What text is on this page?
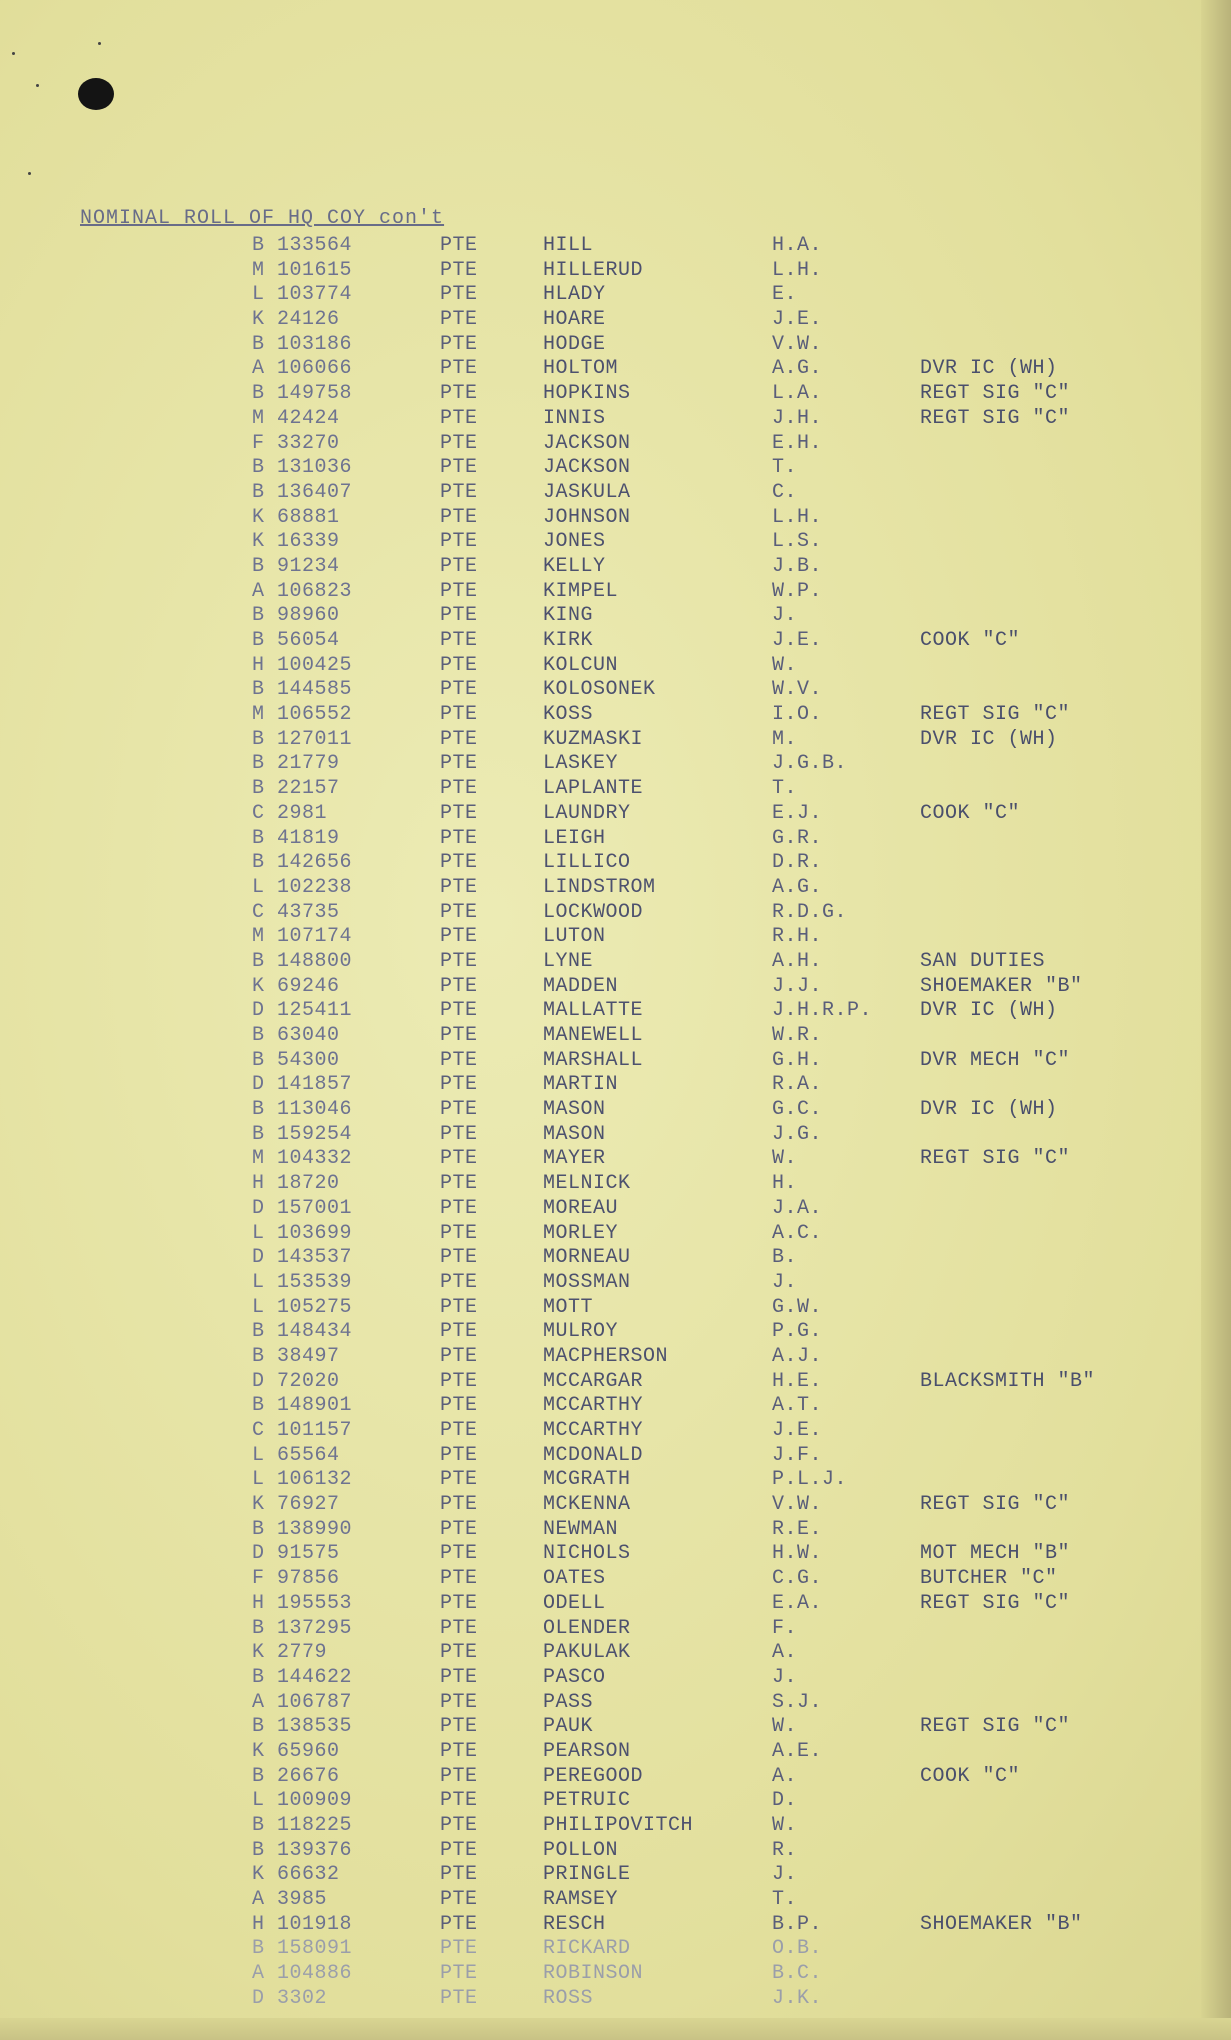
NOMINAL ROLL OF HQ COY con't
B 133564	PTE	HILL	H.A.
M 101615	PTE	HILLERUD	L.H.
L 103774	PTE	HLADY	E.
K 24126	PTE	HOARE	J.E.
B 103186	PTE	HODGE	V.W.
A 106066	PTE	HOLTOM	A.G.	DVR IC (WH)
B 149758	PTE	HOPKINS	L.A.	REGT SIG "C"
M 42424	PTE	INNIS	J.H.	REGT SIG "C"
F 33270	PTE	JACKSON	E.H.
B 131036	PTE	JACKSON	T.
B 136407	PTE	JASKULA	C.
K 68881	PTE	JOHNSON	L.H.
K 16339	PTE	JONES	L.S.
B 91234	PTE	KELLY	J.B.
A 106823	PTE	KIMPEL	W.P.
B 98960	PTE	KING	J.
B 56054	PTE	KIRK	J.E.	COOK "C"
H 100425	PTE	KOLCUN	W.
B 144585	PTE	KOLOSONEK	W.V.
M 106552	PTE	KOSS	I.O.	REGT SIG "C"
B 127011	PTE	KUZMASKI	M.	DVR IC (WH)
B 21779	PTE	LASKEY	J.G.B.
B 22157	PTE	LAPLANTE	T.
C 2981	PTE	LAUNDRY	E.J.	COOK "C"
B 41819	PTE	LEIGH	G.R.
B 142656	PTE	LILLICO	D.R.
L 102238	PTE	LINDSTROM	A.G.
C 43735	PTE	LOCKWOOD	R.D.G.
M 107174	PTE	LUTON	R.H.
B 148800	PTE	LYNE	A.H.	SAN DUTIES
K 69246	PTE	MADDEN	J.J.	SHOEMAKER "B"
D 125411	PTE	MALLATTE	J.H.R.P. DVR IC (WH)
B 63040	PTE	MANEWELL	W.R.
B 54300	PTE	MARSHALL	G.H.	DVR MECH "C"
D 141857	PTE	MARTIN	R.A.
B 113046	PTE	MASON	G.C.	DVR IC (WH)
B 159254	PTE	MASON	J.G.
M 104332	PTE	MAYER	W.	REGT SIG "C"
H 18720	PTE	MELNICK	H.
D 157001	PTE	MOREAU	J.A.
L 103699	PTE	MORLEY	A.C.
D 143537	PTE	MORNEAU	B.
L 153539	PTE	MOSSMAN	J.
L 105275	PTE	MOTT	G.W.
B 148434	PTE	MULROY	P.G.
B 38497	PTE	MACPHERSON	A.J.
D 72020	PTE	MCCARGAR	H.E.	BLACKSMITH "B"
B 148901	PTE	MCCARTHY	A.T.
C 101157	PTE	MCCARTHY	J.E.
L 65564	PTE	MCDONALD	J.F.
L 106132	PTE	MCGRATH	P.L.J.
K 76927	PTE	MCKENNA	V.W.	REGT SIG "C"
B 138990	PTE	NEWMAN	R.E.
D 91575	PTE	NICHOLS	H.W.	MOT MECH "B"
F 97856	PTE	OATES	C.G.	BUTCHER "C"
H 195553	PTE	ODELL	E.A.	REGT SIG "C"
B 137295	PTE	OLENDER	F.
K 2779	PTE	PAKULAK	A.
B 144622	PTE	PASCO	J.
A 106787	PTE	PASS	S.J.
B 138535	PTE	PAUK	W.	REGT SIG "C"
K 65960	PTE	PEARSON	A.E.
B 26676	PTE	PEREGOOD	A.	COOK "C"
L 100909	PTE	PETRUIC	D.
B 118225	PTE	PHILIPOVITCH	W.
B 139376	PTE	POLLON	R.
K 66632	PTE	PRINGLE	J.
A 3985	PTE	RAMSEY	T.
H 101918	PTE	RESCH	B.P.	SHOEMAKER "B"
B 158091	PTE	RICKARD	O.B.
A 104886	PTE	ROBINSON	B.C.
D 3302	PTE	ROSS	J.K.
